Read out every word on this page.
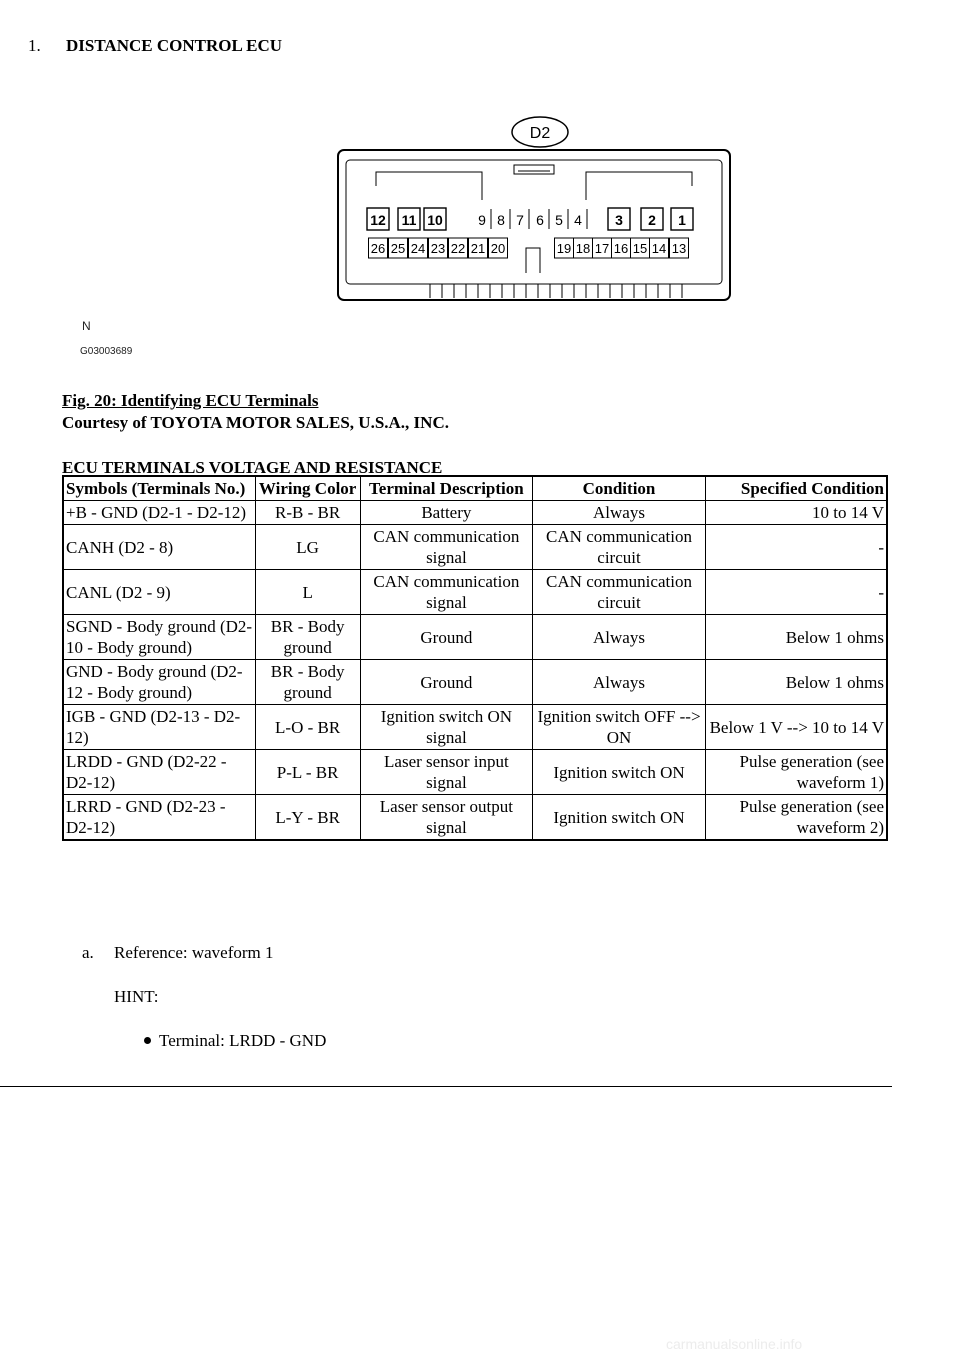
1. DISTANCE CONTROL ECU
D2
12 11 10	9 8 7 6 5 4 3 2 1
26 25 24 23 22 21 20	19 18 17 16 15 14 13
N
G03003689
Fig. 20: Identifying ECU Terminals
Courtesy of TOYOTA MOTOR SALES, U.S.A., INC.
ECU TERMINALS VOLTAGE AND RESISTANCE
Symbols (Terminals No.)	Wiring Color	Terminal Description	Condition	Specified Condition
+B - GND (D2-1 - D2-12)	R-B - BR	Battery	Always	10 to 14 V
CANH (D2 - 8)	LG	CAN communication signal	CAN communication circuit	-
CANL (D2 - 9)	L	CAN communication signal	CAN communication circuit	-
SGND - Body ground (D2-10 - Body ground)	BR - Body ground	Ground	Always	Below 1 ohms
GND - Body ground (D2-12 - Body ground)	BR - Body ground	Ground	Always	Below 1 ohms
IGB - GND (D2-13 - D2-12)	L-O - BR	Ignition switch ON signal	Ignition switch OFF --> ON	Below 1 V --> 10 to 14 V
LRDD - GND (D2-22 - D2-12)	P-L - BR	Laser sensor input signal	Ignition switch ON	Pulse generation (see waveform 1)
LRRD - GND (D2-23 - D2-12)	L-Y - BR	Laser sensor output signal	Ignition switch ON	Pulse generation (see waveform 2)
a. Reference: waveform 1
HINT:
Terminal: LRDD - GND
carmanualsonline.info
